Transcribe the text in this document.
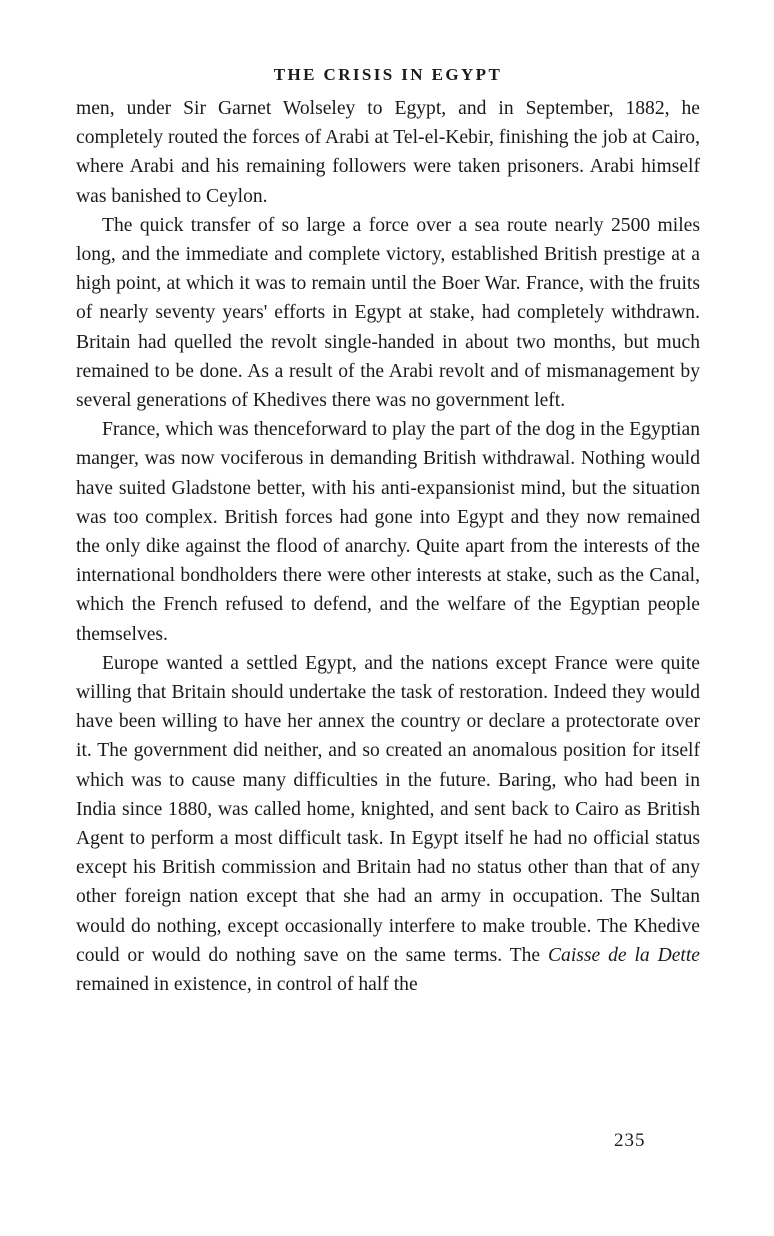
THE CRISIS IN EGYPT

men, under Sir Garnet Wolseley to Egypt, and in September, 1882, he completely routed the forces of Arabi at Tel-el-Kebir, finishing the job at Cairo, where Arabi and his remaining followers were taken prisoners. Arabi himself was banished to Ceylon.

The quick transfer of so large a force over a sea route nearly 2500 miles long, and the immediate and complete victory, established British prestige at a high point, at which it was to remain until the Boer War. France, with the fruits of nearly seventy years' efforts in Egypt at stake, had completely withdrawn. Britain had quelled the revolt single-handed in about two months, but much remained to be done. As a result of the Arabi revolt and of mismanagement by several generations of Khedives there was no government left.

France, which was thenceforward to play the part of the dog in the Egyptian manger, was now vociferous in demanding British withdrawal. Nothing would have suited Gladstone better, with his anti-expansionist mind, but the situation was too complex. British forces had gone into Egypt and they now remained the only dike against the flood of anarchy. Quite apart from the interests of the international bondholders there were other interests at stake, such as the Canal, which the French refused to defend, and the welfare of the Egyptian people themselves.

Europe wanted a settled Egypt, and the nations except France were quite willing that Britain should undertake the task of restoration. Indeed they would have been willing to have her annex the country or declare a protectorate over it. The government did neither, and so created an anomalous position for itself which was to cause many difficulties in the future. Baring, who had been in India since 1880, was called home, knighted, and sent back to Cairo as British Agent to perform a most difficult task. In Egypt itself he had no official status except his British commission and Britain had no status other than that of any other foreign nation except that she had an army in occupation. The Sultan would do nothing, except occasionally interfere to make trouble. The Khedive could or would do nothing save on the same terms. The Caisse de la Dette remained in existence, in control of half the

235
